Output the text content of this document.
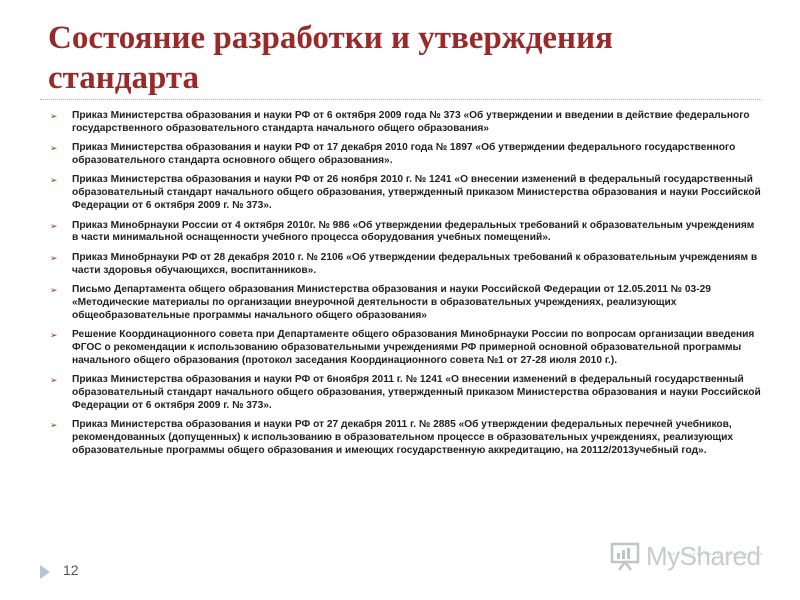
Состояние разработки и утверждения стандарта
➢ Приказ Министерства образования и науки РФ от 6 октября 2009 года № 373 «Об утверждении и введении в действие федерального государственного образовательного стандарта начального общего образования»
➢ Приказ Министерства образования и науки РФ от 17 декабря 2010 года № 1897 «Об утверждении федерального государственного образовательного стандарта основного общего образования».
➢ Приказ Министерства образования и науки РФ от 26 ноября 2010 г. № 1241 «О внесении изменений в федеральный государственный образовательный стандарт начального общего образования, утвержденный приказом Министерства образования и науки Российской Федерации от 6 октября 2009 г. № 373».
➢ Приказ Минобрнауки России от 4 октября 2010г. № 986 «Об утверждении федеральных требований к образовательным учреждениям в части минимальной оснащенности учебного процесса оборудования учебных помещений».
➢ Приказ Минобрнауки РФ от 28 декабря 2010 г. № 2106 «Об утверждении федеральных требований к образовательным учреждениям в части здоровья обучающихся, воспитанников».
➢ Письмо Департамента общего образования Министерства образования и науки Российской Федерации от 12.05.2011 № 03-29 «Методические материалы по организации внеурочной деятельности в образовательных учреждениях, реализующих общеобразовательные программы начального общего образования»
➢ Решение Координационного совета при Департаменте общего образования Минобрнауки России по вопросам организации введения ФГОС о рекомендации к использованию образовательными учреждениями РФ примерной основной образовательной программы начального общего образования (протокол заседания Координационного совета №1 от 27-28 июля 2010 г.).
➢ Приказ Министерства образования и науки РФ от 6ноября 2011 г. № 1241 «О внесении изменений в федеральный государственный образовательный стандарт начального общего образования, утвержденный приказом Министерства образования и науки Российской Федерации от 6 октября 2009 г. № 373».
➢ Приказ Министерства образования и науки РФ от 27 декабря 2011 г. № 2885 «Об утверждении федеральных перечней учебников, рекомендованных (допущенных) к использованию в образовательном процессе в образовательных учреждениях, реализующих образовательные программы общего образования и имеющих государственную аккредитацию, на 20112/2013учебный год».
12	MyShared
